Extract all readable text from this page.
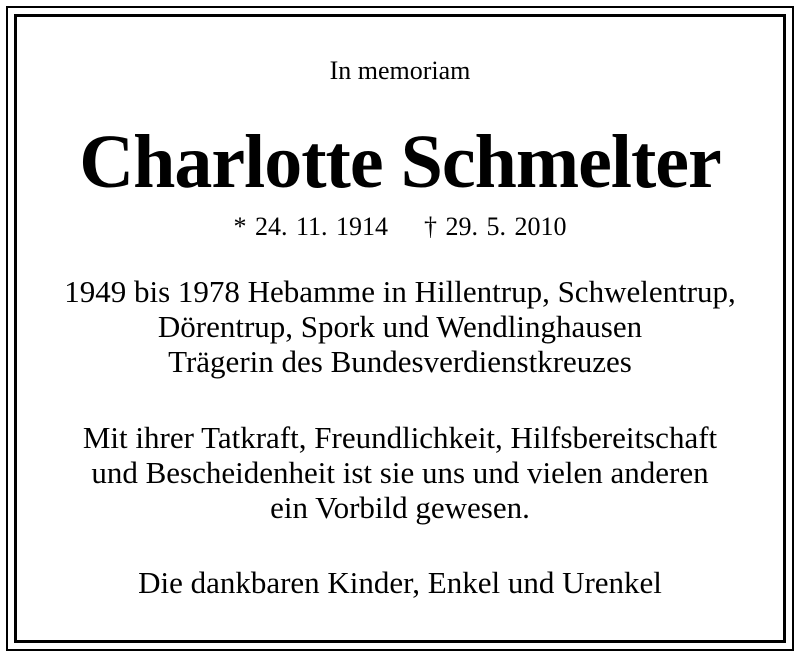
In memoriam
Charlotte Schmelter
* 24. 11. 1914 † 29. 5. 2010
1949 bis 1978 Hebamme in Hillentrup, Schwelentrup,
Dörentrup, Spork und Wendlinghausen
Trägerin des Bundesverdienstkreuzes
Mit ihrer Tatkraft, Freundlichkeit, Hilfsbereitschaft
und Bescheidenheit ist sie uns und vielen anderen
ein Vorbild gewesen.
Die dankbaren Kinder, Enkel und Urenkel
